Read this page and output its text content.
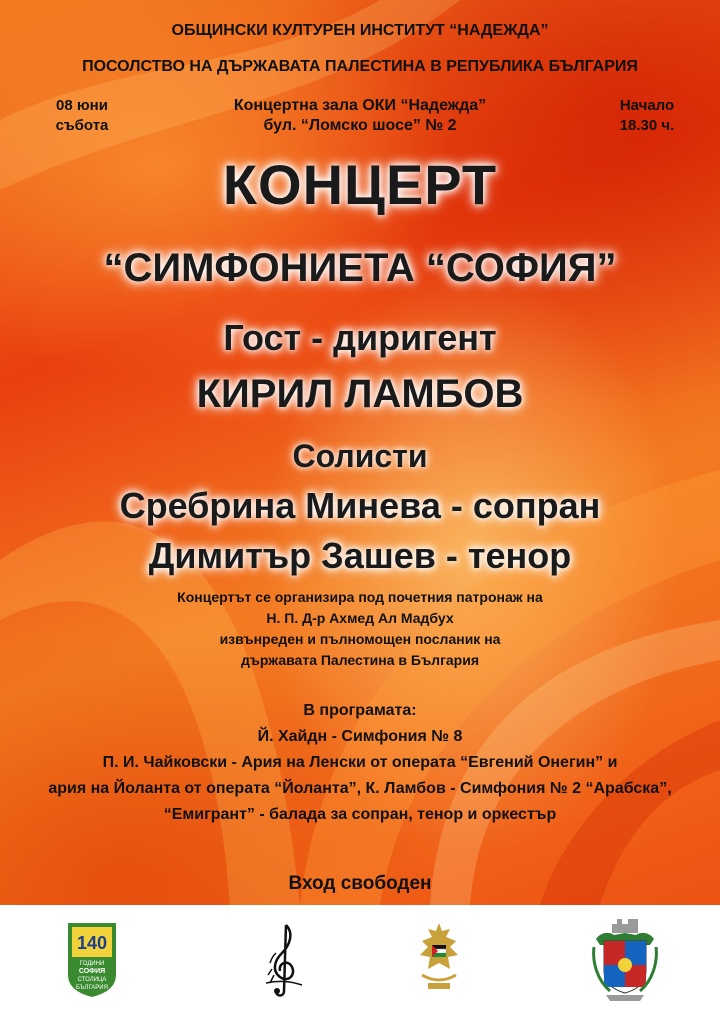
ОБЩИНСКИ КУЛТУРЕН ИНСТИТУТ “НАДЕЖДА”
ПОСОЛСТВО НА ДЪРЖАВАТА ПАЛЕСТИНА В РЕПУБЛИКА БЪЛГАРИЯ
08 юни
събота
Концертна зала ОКИ “Надежда”
бул. “Ломско шосе” № 2
Начало
18.30 ч.
КОНЦЕРТ
“СИМФОНИЕТА “СОФИЯ”
Гост - диригент
КИРИЛ ЛАМБОВ
Солисти
Сребрина Минева - сопран
Димитър Зашев - тенор
Концертът се организира под почетния патронаж на
Н. П. Д-р Ахмед Ал Мадбух
извънреден и пълномощен посланик на
държавата Палестина в България
В програмата:
Й. Хайдн - Симфония № 8
П. И. Чайковски - Ария на Ленски от операта “Евгений Онегин” и
ария на Йоланта от операта “Йоланта”, К. Ламбов - Симфония № 2 “Арабска”,
“Емигрант” - балада за сопран, тенор и оркестър
Вход свободен
140
ГОДИНИ
СОФИЯ
СТОЛИЦА
БЪЛГАРИЯ
